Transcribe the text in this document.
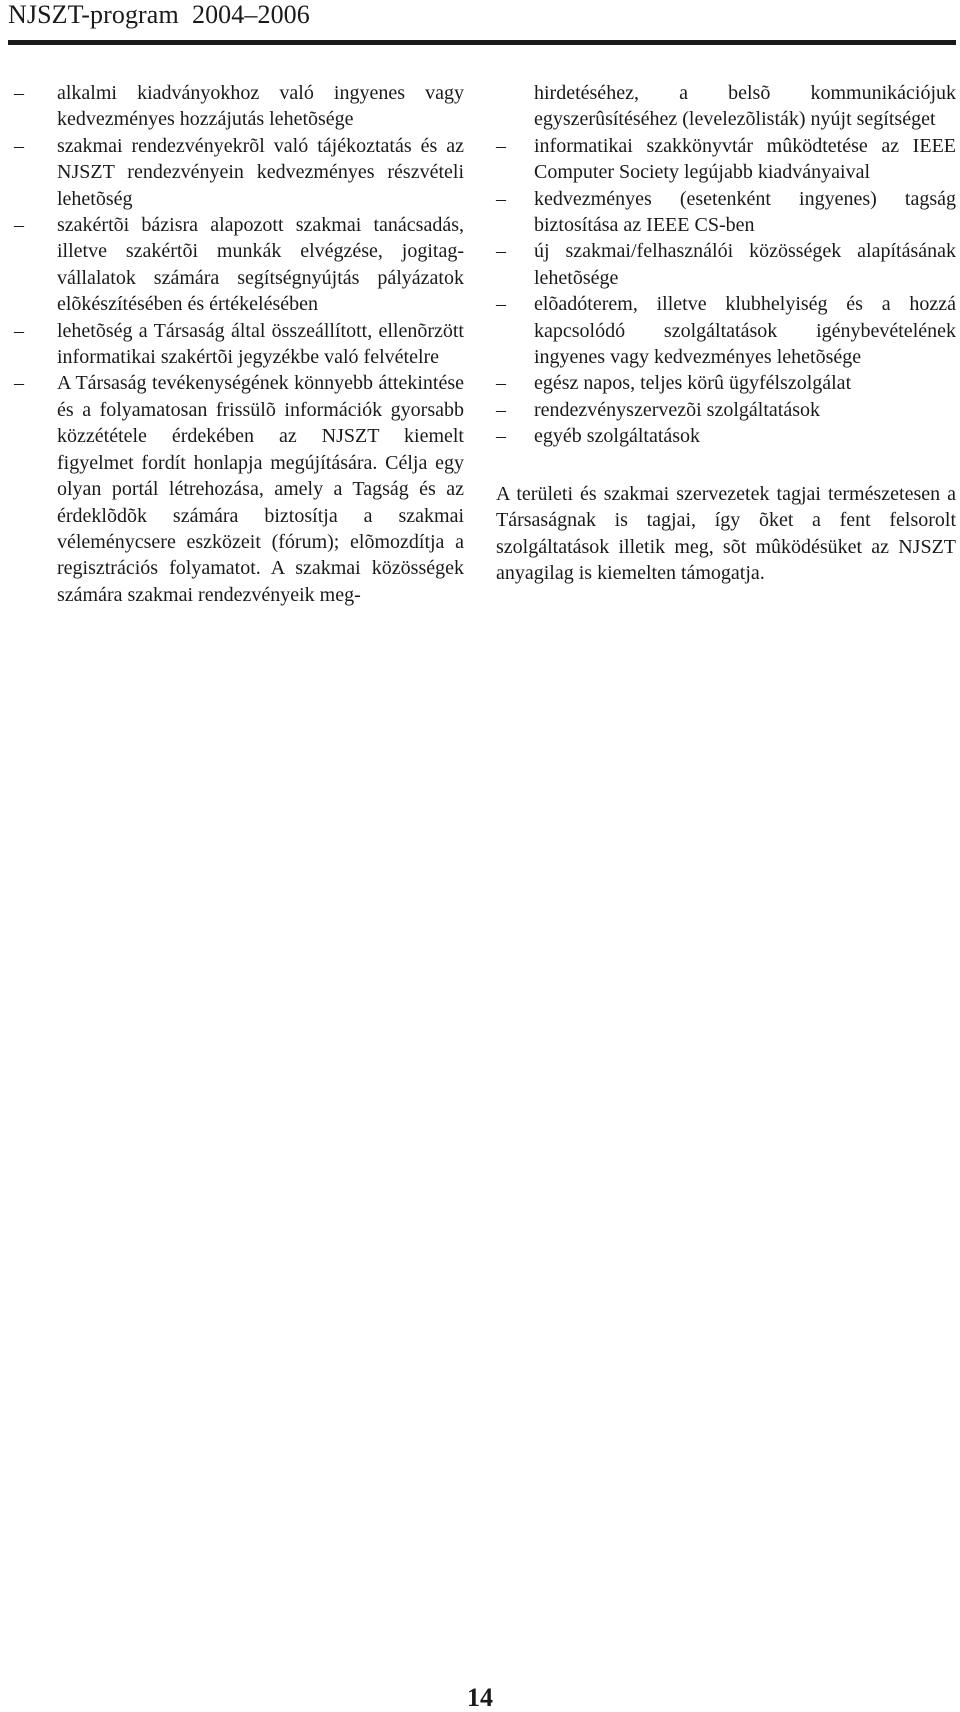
NJSZT-program  2004–2006
– alkalmi kiadványokhoz való ingyenes vagy kedvezményes hozzájutás lehetõsége
– szakmai rendezvényekrõl való tájékoztatás és az NJSZT rendezvényein kedvezményes részvételi lehetõség
– szakértõi bázisra alapozott szakmai tanácsadás, illetve szakértõi munkák elvégzése, jogitag-vállalatok számára segítségnyújtás pályázatok elõkészítésében és értékelésében
– lehetõség a Társaság által összeállított, ellenõrzött informatikai szakértõi jegyzékbe való felvételre
– A Társaság tevékenységének könnyebb áttekintése és a folyamatosan frissülõ információk gyorsabb közzététele érdekében az NJSZT kiemelt figyelmet fordít honlapja megújítására. Célja egy olyan portál létrehozása, amely a Tagság és az érdeklõdõk számára biztosítja a szakmai véleménycsere eszközeit (fórum); elõmozdítja a regisztrációs folyamatot. A szakmai közösségek számára szakmai rendezvényeik meg-
hirdetéséhez, a belsõ kommunikációjuk egyszerûsítéséhez (levelezõlisták) nyújt segítséget
– informatikai szakkönyvtár mûködtetése az IEEE Computer Society legújabb kiadványaival
– kedvezményes (esetenként ingyenes) tagság biztosítása az IEEE CS-ben
– új szakmai/felhasználói közösségek alapításának lehetõsége
– elõadóterem, illetve klubhelyiség és a hozzá kapcsolódó szolgáltatások igénybevételének ingyenes vagy kedvezményes lehetõsége
– egész napos, teljes körû ügyfélszolgálat
– rendezvényszervezõi szolgáltatások
– egyéb szolgáltatások
A területi és szakmai szervezetek tagjai természetesen a Társaságnak is tagjai, így õket a fent felsorolt szolgáltatások illetik meg, sõt mûködésüket az NJSZT anyagilag is kiemelten támogatja.
14
